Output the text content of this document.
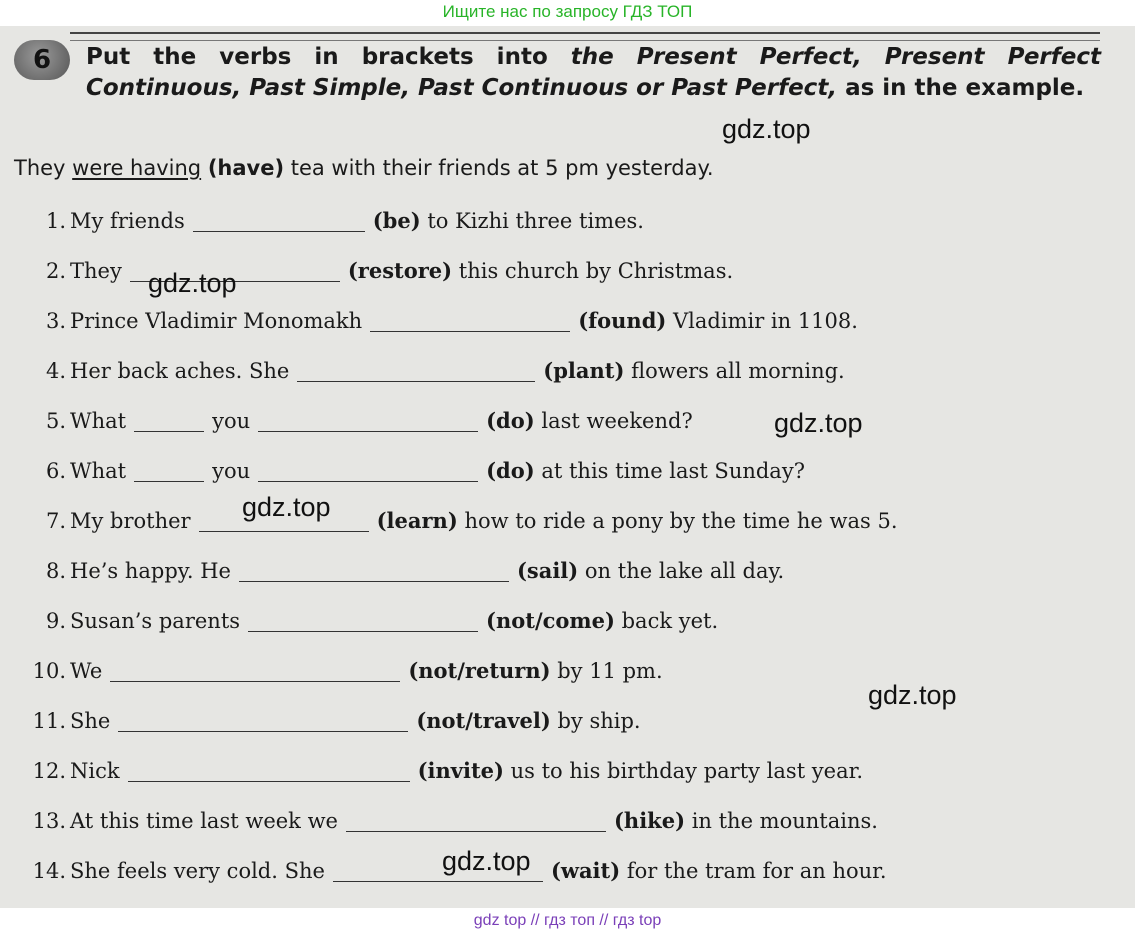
Ищите нас по запросу ГДЗ ТОП
6	Put the verbs in brackets into the Present Perfect, Present Perfect Continuous, Past Simple, Past Continuous or Past Perfect, as in the example.
They were having (have) tea with their friends at 5 pm yesterday.
1. My friends	(be) to Kizhi three times.
2. They	(restore) this church by Christmas.
3. Prince Vladimir Monomakh	(found) Vladimir in 1108.
4. Her back aches. She	(plant) flowers all morning.
5. What	you	(do) last weekend?
6. What	you	(do) at this time last Sunday?
7. My brother	(learn) how to ride a pony by the time he was 5.
8. He’s happy. He	(sail) on the lake all day.
9. Susan’s parents	(not/come) back yet.
10. We	(not/return) by 11 pm.
11. She	(not/travel) by ship.
12. Nick	(invite) us to his birthday party last year.
13. At this time last week we	(hike) in the mountains.
14. She feels very cold. She	(wait) for the tram for an hour.
gdz.top
gdz.top
gdz.top
gdz.top
gdz.top
gdz.top
gdz top // гдз топ // гдз top
